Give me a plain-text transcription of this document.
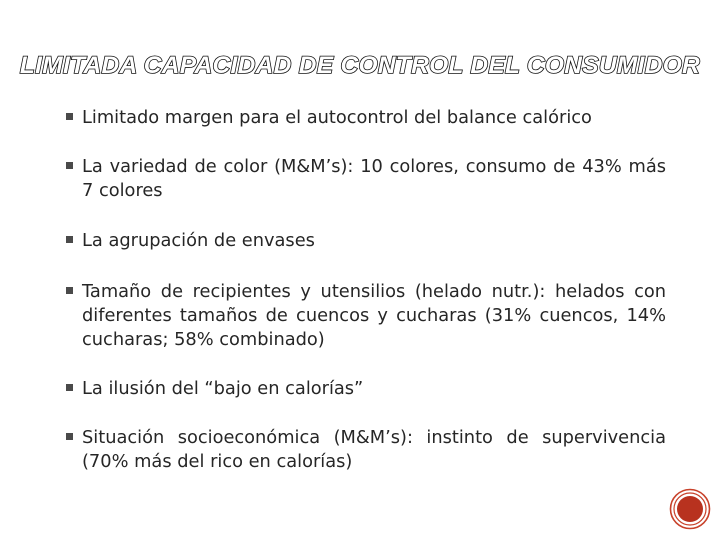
LIMITADA CAPACIDAD DE CONTROL DEL CONSUMIDOR
Limitado margen para el autocontrol del balance calórico
La variedad de color (M&M’s): 10 colores, consumo de 43% más 7 colores
La agrupación de envases
Tamaño de recipientes y utensilios (helado nutr.): helados con diferentes tamaños de cuencos y cucharas (31% cuencos, 14% cucharas; 58% combinado)
La ilusión del “bajo en calorías”
Situación socioeconómica (M&M’s): instinto de supervivencia (70% más del rico en calorías)
